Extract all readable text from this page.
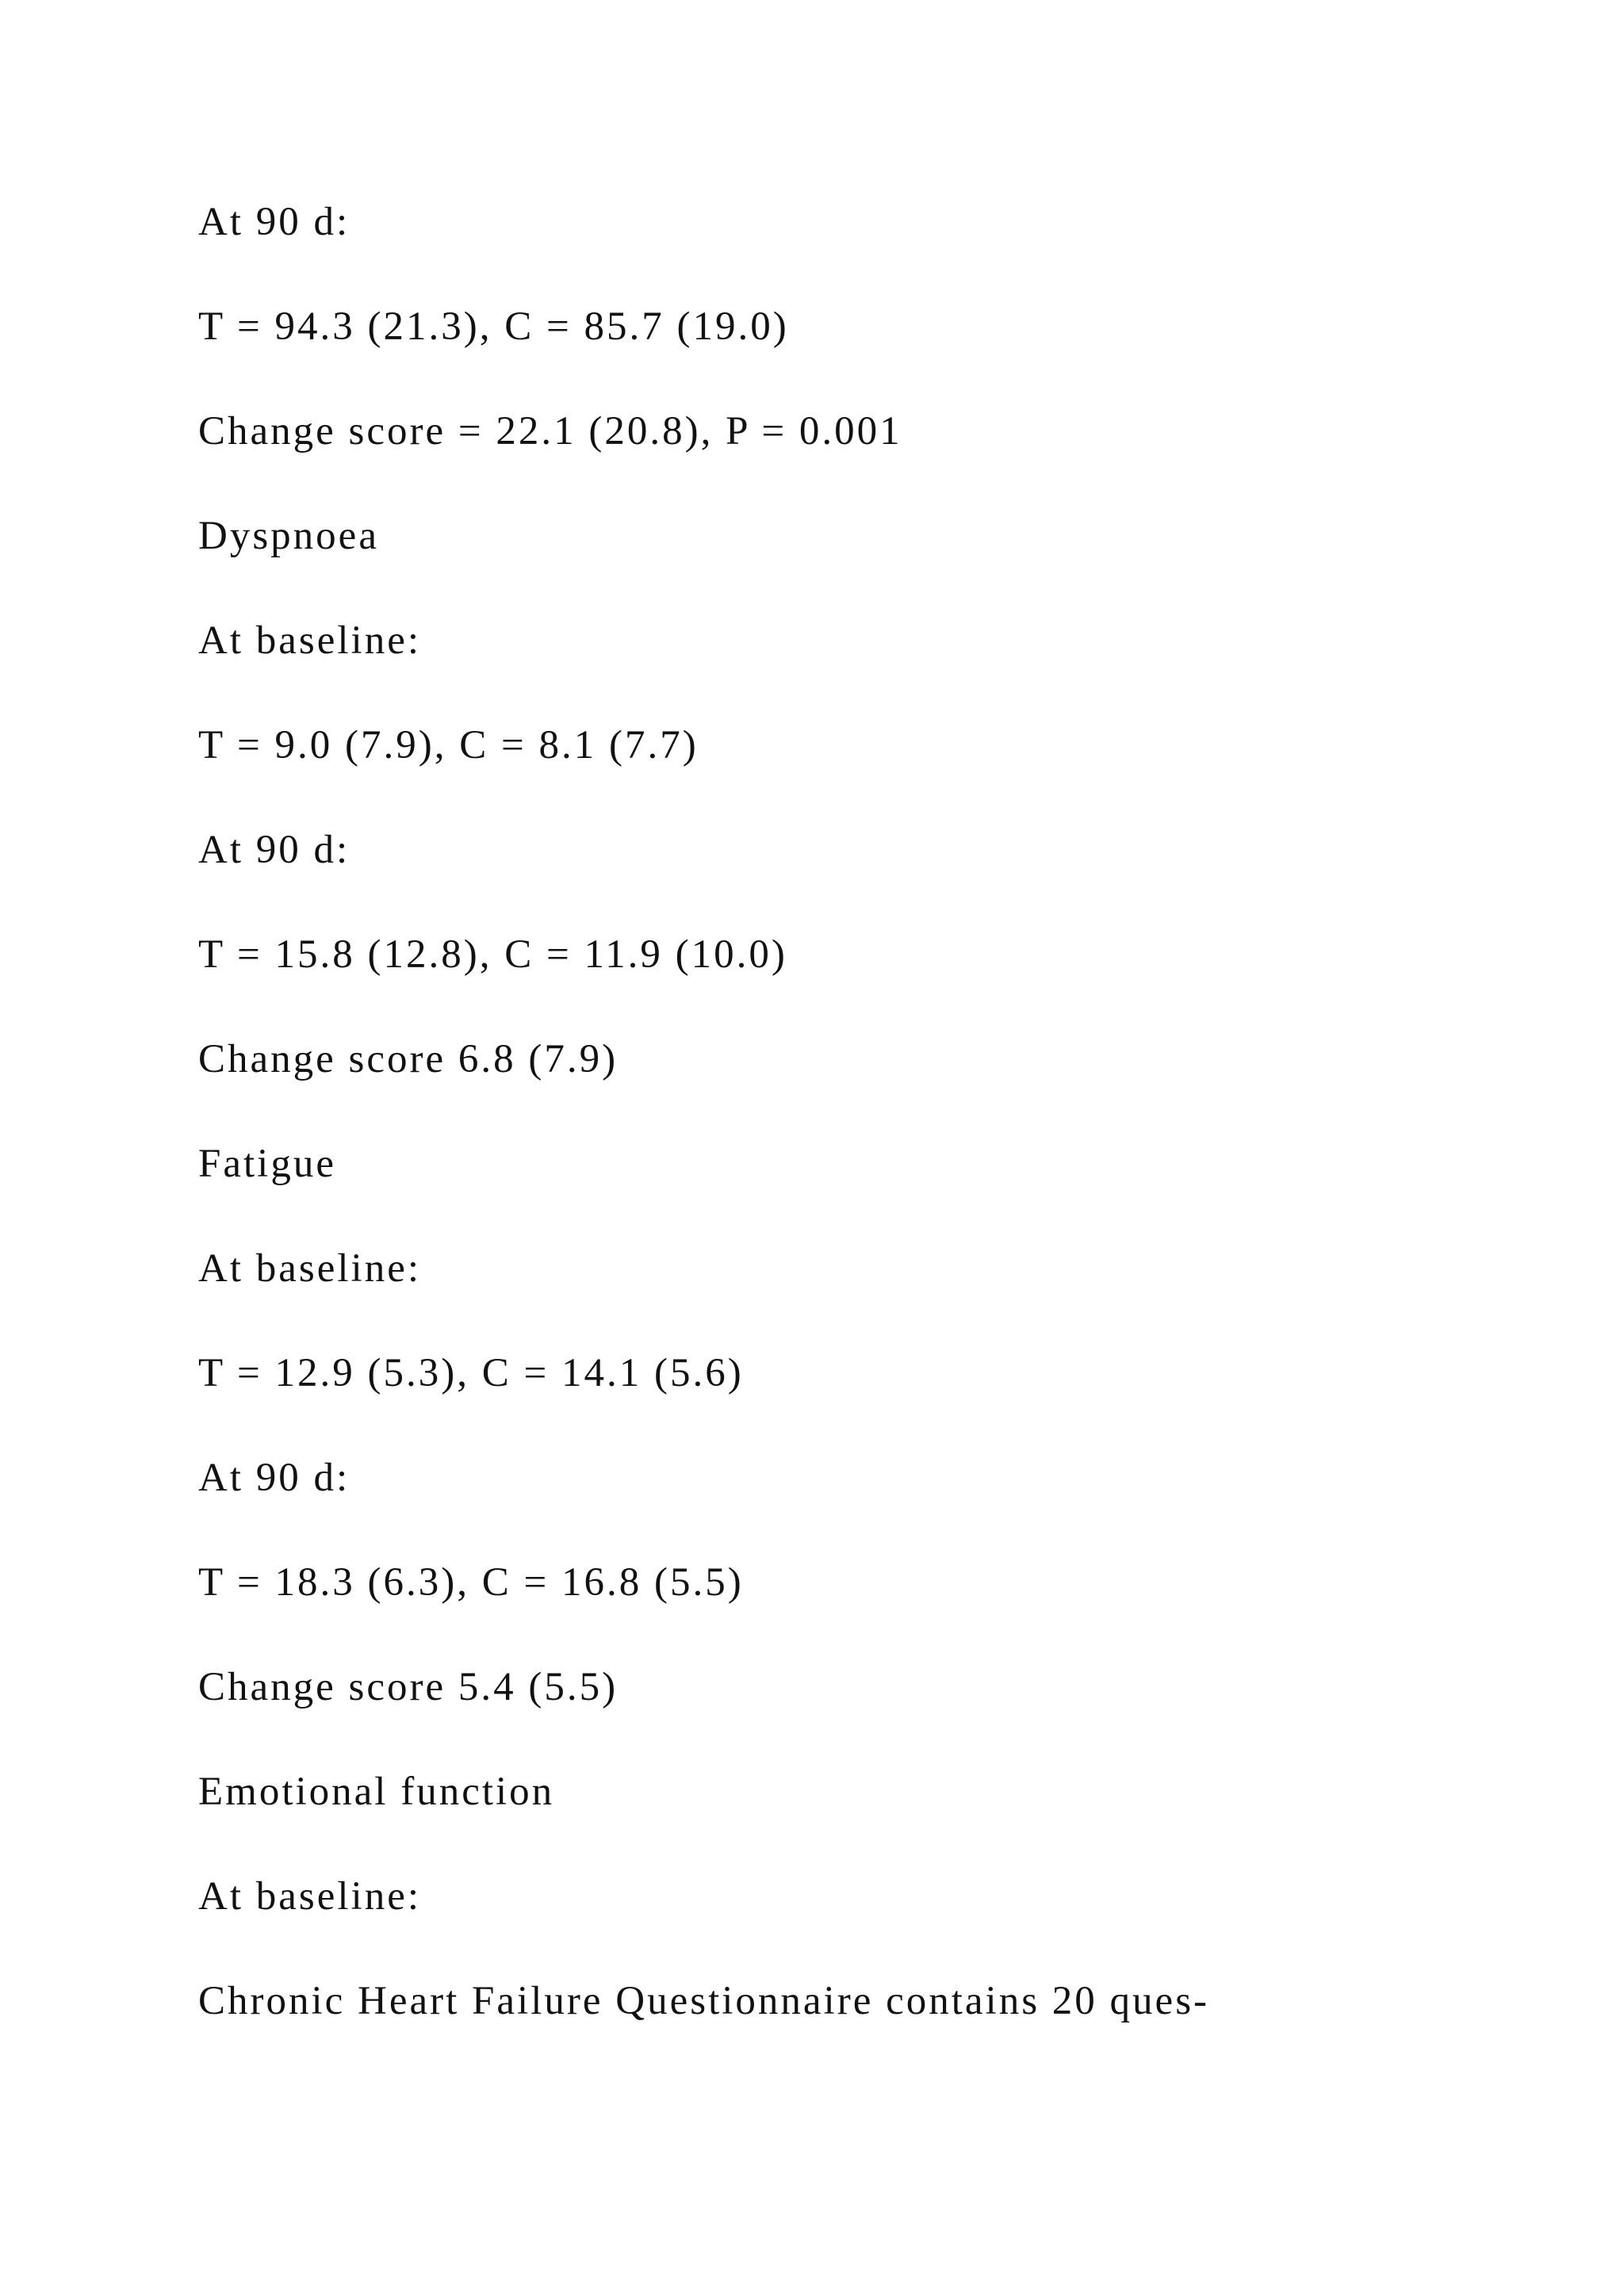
At 90 d:

T = 94.3 (21.3), C = 85.7 (19.0)

Change score = 22.1 (20.8), P = 0.001

Dyspnoea

At baseline:

T = 9.0 (7.9), C = 8.1 (7.7)

At 90 d:

T = 15.8 (12.8), C = 11.9 (10.0)

Change score 6.8 (7.9)

Fatigue

At baseline:

T = 12.9 (5.3), C = 14.1 (5.6)

At 90 d:

T = 18.3 (6.3), C = 16.8 (5.5)

Change score 5.4 (5.5)

Emotional function

At baseline:

Chronic Heart Failure Questionnaire contains 20 ques-
